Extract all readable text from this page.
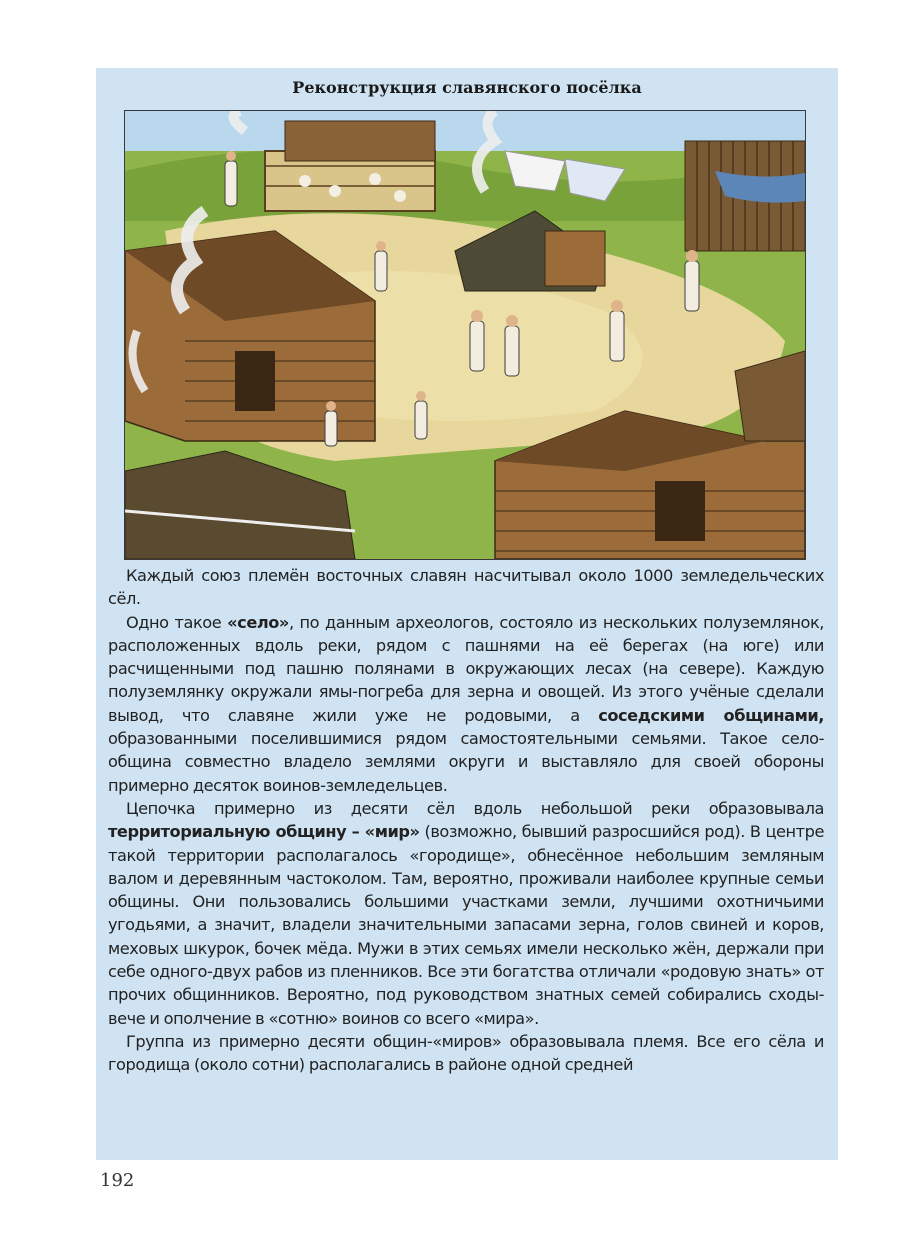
Реконструкция славянского посёлка

Каждый союз племён восточных славян насчитывал около 1000 земледельческих сёл.

Одно такое «село», по данным археологов, состояло из нескольких полуземлянок, расположенных вдоль реки, рядом с пашнями на её берегах (на юге) или расчищенными под пашню полянами в окружающих лесах (на севере). Каждую полуземлянку окружали ямы-погреба для зерна и овощей. Из этого учёные сделали вывод, что славяне жили уже не родовыми, а соседскими общинами, образованными поселившимися рядом самостоятельными семьями. Такое село-община совместно владело землями округи и выставляло для своей обороны примерно десяток воинов-земледельцев.

Цепочка примерно из десяти сёл вдоль небольшой реки образовывала территориальную общину – «мир» (возможно, бывший разросшийся род). В центре такой территории располагалось «городище», обнесённое небольшим земляным валом и деревянным частоколом. Там, вероятно, проживали наиболее крупные семьи общины. Они пользовались большими участками земли, лучшими охотничьими угодьями, а значит, владели значительными запасами зерна, голов свиней и коров, меховых шкурок, бочек мёда. Мужи в этих семьях имели несколько жён, держали при себе одного-двух рабов из пленников. Все эти богатства отличали «родовую знать» от прочих общинников. Вероятно, под руководством знатных семей собирались сходы-вече и ополчение в «сотню» воинов со всего «мира».

Группа из примерно десяти общин-«миров» образовывала племя. Все его сёла и городища (около сотни) располагались в районе одной средней

192
